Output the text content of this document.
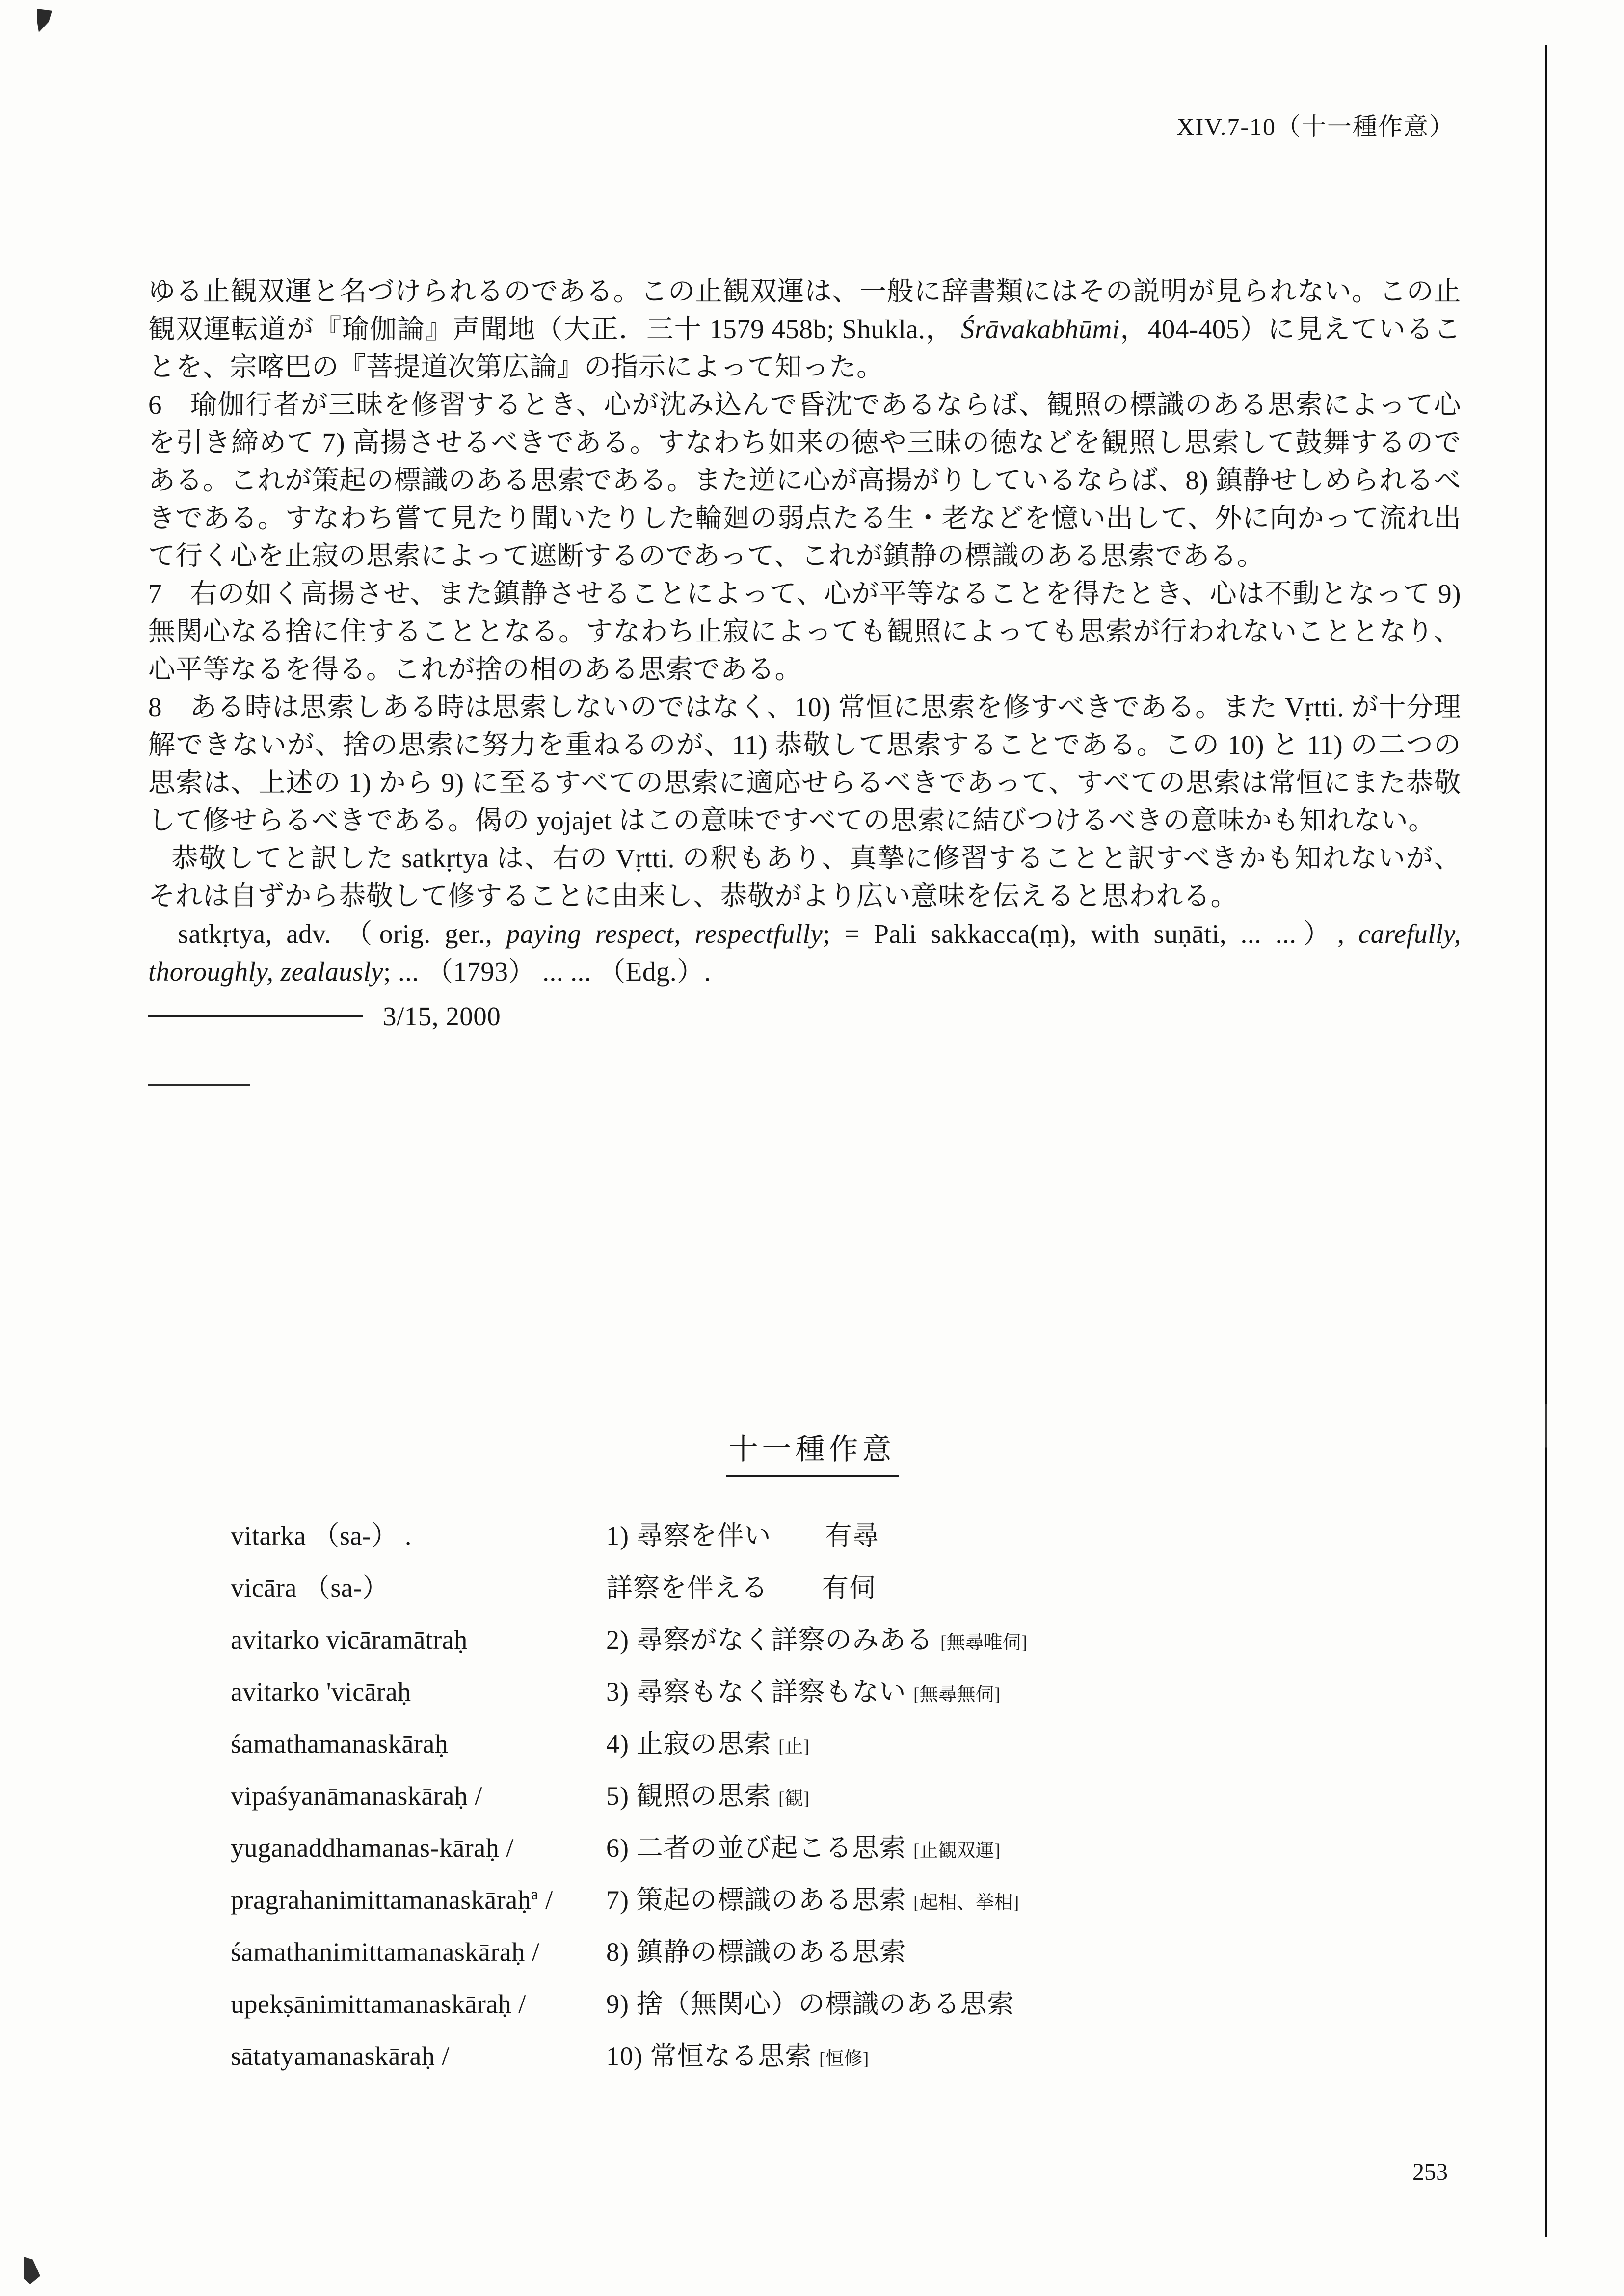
XIV.7-10（十一種作意）

ゆる止観双運と名づけられるのである。この止観双運は、一般に辞書類にはその説明が見られない。この止観双運転道が『瑜伽論』声聞地（大正．三十 1579 458b; Shukla.， Śrāvakabhūmi，404-405）に見えていることを、宗喀巴の『菩提道次第広論』の指示によって知った。

6　瑜伽行者が三昧を修習するとき、心が沈み込んで昏沈であるならば、観照の標識のある思索によって心を引き締めて 7) 高揚させるべきである。すなわち如来の徳や三昧の徳などを観照し思索して鼓舞するのである。これが策起の標識のある思索である。また逆に心が高揚がりしているならば、8) 鎮静せしめられるべきである。すなわち嘗て見たり聞いたりした輪廻の弱点たる生・老などを憶い出して、外に向かって流れ出て行く心を止寂の思索によって遮断するのであって、これが鎮静の標識のある思索である。

7　右の如く高揚させ、また鎮静させることによって、心が平等なることを得たとき、心は不動となって 9) 無関心なる捨に住することとなる。すなわち止寂によっても観照によっても思索が行われないこととなり、心平等なるを得る。これが捨の相のある思索である。

8　ある時は思索しある時は思索しないのではなく、10) 常恒に思索を修すべきである。また Vṛtti. が十分理解できないが、捨の思索に努力を重ねるのが、11) 恭敬して思索することである。この 10) と 11) の二つの思索は、上述の 1) から 9) に至るすべての思索に適応せらるべきであって、すべての思索は常恒にまた恭敬して修せらるべきである。偈の yojajet はこの意味ですべての思索に結びつけるべきの意味かも知れない。

恭敬してと訳した satkṛtya は、右の Vṛtti. の釈もあり、真摯に修習することと訳すべきかも知れないが、それは自ずから恭敬して修することに由来し、恭敬がより広い意味を伝えると思われる。

satkṛtya, adv. （orig. ger., paying respect, respectfully; = Pali sakkacca(ṃ), with suṇāti, ... ...）, carefully, thoroughly, zealausly; ... （1793） ... ... （Edg.）.

3/15, 2000
十一種作意
vitarka （sa-） .	1) 尋察を伴い　　有尋
vicāra （sa-）	詳察を伴える　　有伺
avitarko vicāramātraḥ	2) 尋察がなく詳察のみある [無尋唯伺]
avitarko 'vicāraḥ	3) 尋察もなく詳察もない [無尋無伺]
śamathamanaskāraḥ	4) 止寂の思索 [止]
vipaśyanāmanaskāraḥ /	5) 観照の思索 [観]
yuganaddhamanas-kāraḥ /	6) 二者の並び起こる思索 [止観双運]
pragrahanimittamanaskāraḥ$^a$ /	7) 策起の標識のある思索 [起相、挙相]
śamathanimittamanaskāraḥ /	8) 鎮静の標識のある思索
upekṣānimittamanaskāraḥ /	9) 捨（無関心）の標識のある思索
sātatyamanaskāraḥ /	10) 常恒なる思索 [恒修]
253
